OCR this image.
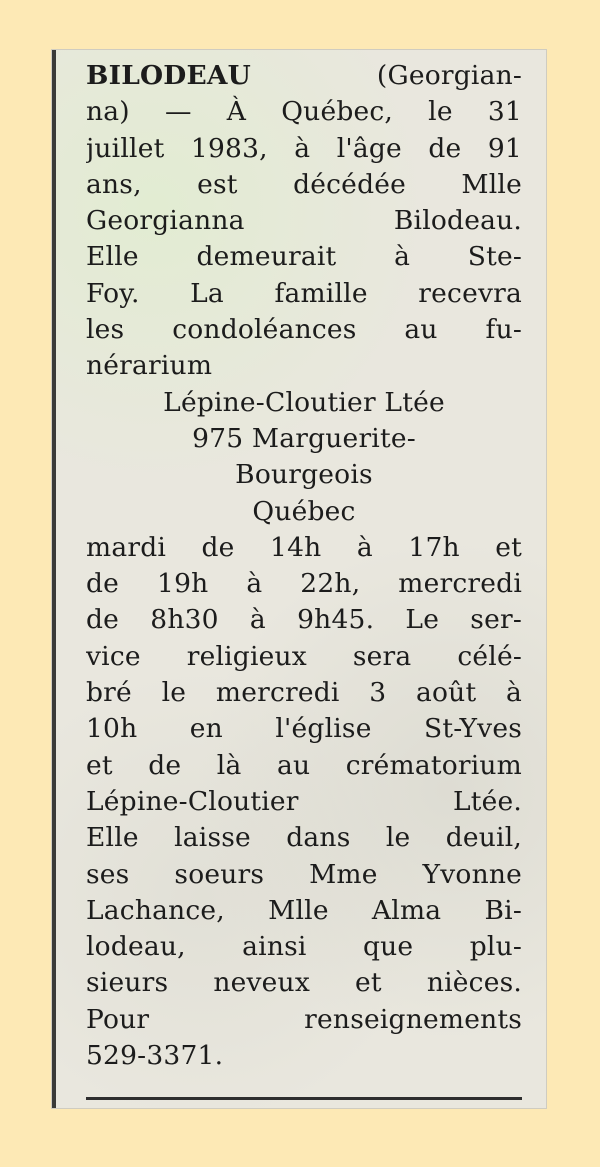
BILODEAU (Georgian-
na) — À Québec, le 31
juillet 1983, à l'âge de 91
ans, est décédée Mlle
Georgianna Bilodeau.
Elle demeurait à Ste-
Foy. La famille recevra
les condoléances au fu-
nérarium
Lépine-Cloutier Ltée
975 Marguerite-
Bourgeois
Québec
mardi de 14h à 17h et
de 19h à 22h, mercredi
de 8h30 à 9h45. Le ser-
vice religieux sera célé-
bré le mercredi 3 août à
10h en l'église St-Yves
et de là au crématorium
Lépine-Cloutier Ltée.
Elle laisse dans le deuil,
ses soeurs Mme Yvonne
Lachance, Mlle Alma Bi-
lodeau, ainsi que plu-
sieurs neveux et nièces.
Pour renseignements
529-3371.
